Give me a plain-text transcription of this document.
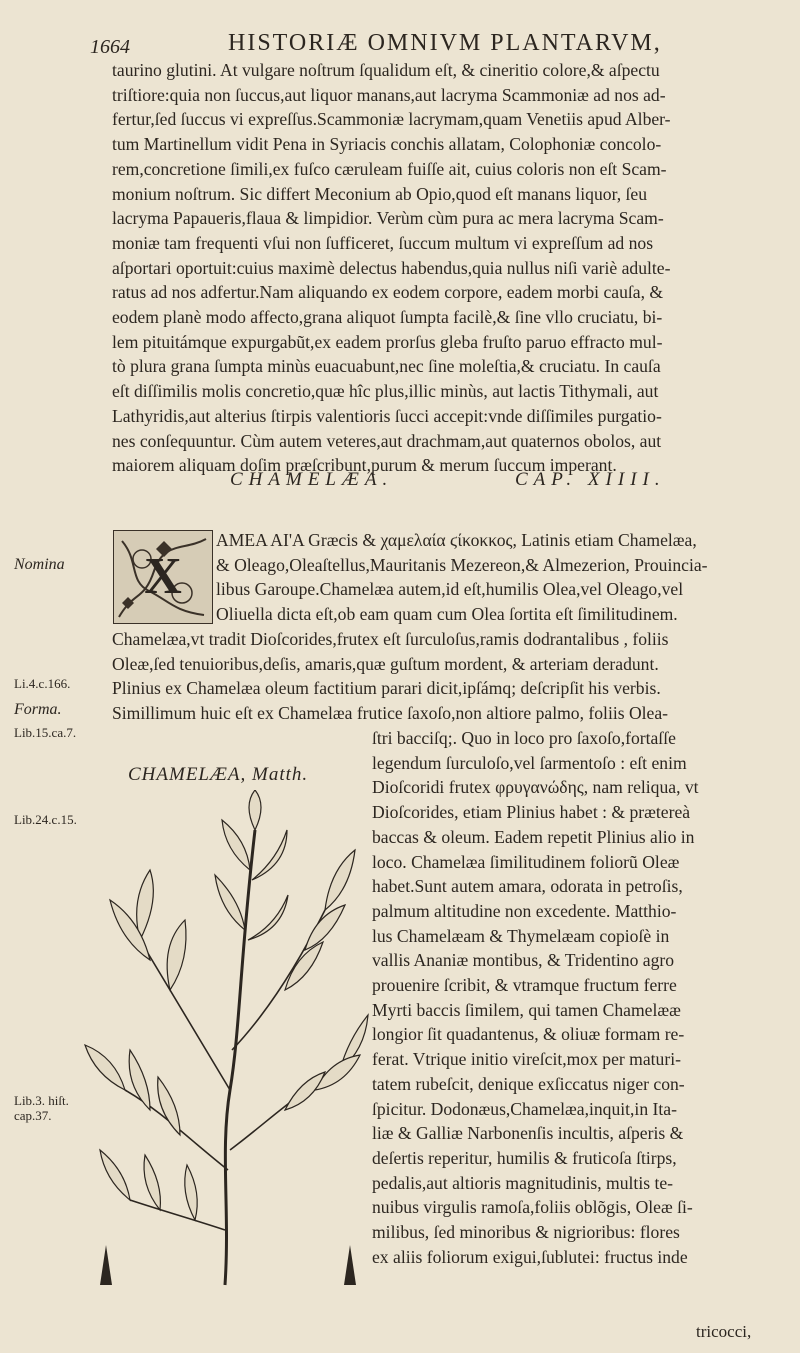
1664	HISTORIÆ OMNIVM PLANTARVM,
taurino glutini. At vulgare noſtrum ſqualidum eſt, & cineritio colore,& aſpectu
triſtiore:quia non ſuccus,aut liquor manans,aut lacryma Scammoniæ ad nos ad-
fertur,ſed ſuccus vi expreſſus.Scammoniæ lacrymam,quam Venetiis apud Alber-
tum Martinellum vidit Pena in Syriacis conchis allatam, Colophoniæ concolo-
rem,concretione ſimili,ex fuſco cæruleam fuiſſe ait, cuius coloris non eſt Scam-
monium noſtrum. Sic differt Meconium ab Opio,quod eſt manans liquor, ſeu
lacryma Papaueris,flaua & limpidior. Verùm cùm pura ac mera lacryma Scam-
moniæ tam frequenti vſui non ſufficeret, ſuccum multum vi expreſſum ad nos
aſportari oportuit:cuius maximè delectus habendus,quia nullus niſi variè adulte-
ratus ad nos adfertur.Nam aliquando ex eodem corpore, eadem morbi cauſa, &
eodem planè modo affecto,grana aliquot ſumpta facilè,& ſine vllo cruciatu, bi-
lem pituitámque expurgabũt,ex eadem prorſus gleba fruſto paruo effracto mul-
tò plura grana ſumpta minùs euacuabunt,nec ſine moleſtia,& cruciatu. In cauſa
eſt diſſimilis molis concretio,quæ hîc plus,illic minùs, aut lactis Tithymali, aut
Lathyridis,aut alterius ſtirpis valentioris ſucci accepit:vnde diſſimiles purgatio-
nes conſequuntur. Cùm autem veteres,aut drachmam,aut quaternos obolos, aut
maiorem aliquam doſim præſcribunt,purum & merum ſuccum imperant.
CHAMELÆA.	CAP. XIIII.
X
AMEA AI'A Græcis & χαμελαία ϛίκοκκος, Latinis etiam Chamelæa,
& Oleago,Oleaſtellus,Mauritanis Mezereon,& Almezerion, Prouincia-
libus Garoupe.Chamelæa autem,id eſt,humilis Olea,vel Oleago,vel
Oliuella dicta eſt,ob eam quam cum Olea ſortita eſt ſimilitudinem.
Chamelæa,vt tradit Dioſcorides,frutex eſt ſurculoſus,ramis dodrantalibus , foliis
Oleæ,ſed tenuioribus,deſis, amaris,quæ guſtum mordent, & arteriam deradunt.
Plinius ex Chamelæa oleum factitium parari dicit,ipſámq; deſcripſit his verbis.
Simillimum huic eſt ex Chamelæa frutice ſaxoſo,non altiore palmo, foliis Olea-
CHAMELÆA, Matth.
ſtri bacciſq;. Quo in loco pro ſaxoſo,fortaſſe
legendum ſurculoſo,vel ſarmentoſo : eſt enim
Dioſcoridi frutex φρυγανώδης, nam reliqua, vt
Dioſcorides, etiam Plinius habet : & prætereà
baccas & oleum. Eadem repetit Plinius alio in
loco. Chamelæa ſimilitudinem foliorũ Oleæ
habet.Sunt autem amara, odorata in petroſis,
palmum altitudine non excedente. Matthio-
lus Chamelæam & Thymelæam copioſè in
vallis Ananiæ montibus, & Tridentino agro
prouenire ſcribit, & vtramque fructum ferre
Myrti baccis ſimilem, qui tamen Chamelææ
longior ſit quadantenus, & oliuæ formam re-
ferat. Vtrique initio vireſcit,mox per maturi-
tatem rubeſcit, denique exſiccatus niger con-
ſpicitur. Dodonæus,Chamelæa,inquit,in Ita-
liæ & Galliæ Narbonenſis incultis, aſperis &
deſertis reperitur, humilis & fruticoſa ſtirps,
pedalis,aut altioris magnitudinis, multis te-
nuibus virgulis ramoſa,foliis oblõgis, Oleæ ſi-
milibus, ſed minoribus & nigrioribus: flores
ex aliis foliorum exigui,ſublutei: fructus inde
tricocci,
Nomina
Li.4.c.166.
Forma.
Lib.15.ca.7.
Lib.24.c.15.
Lib.3. hiſt. cap.37.
